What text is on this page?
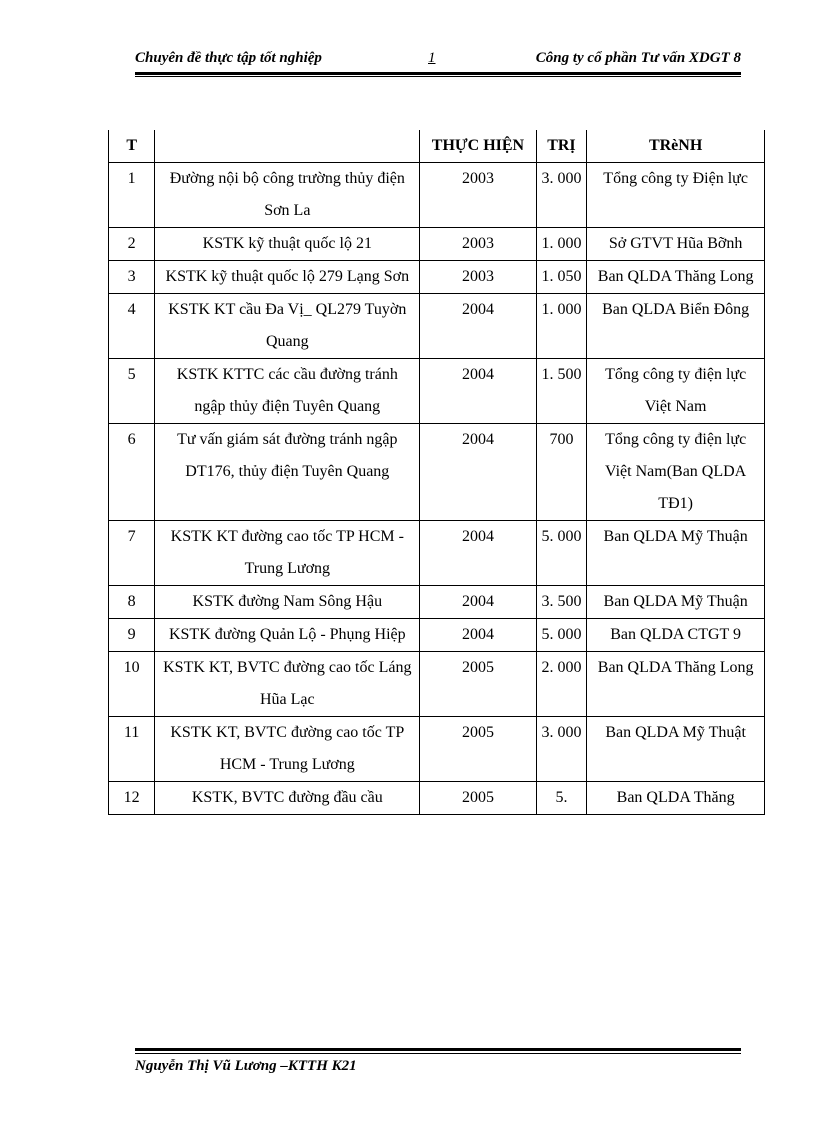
Chuyên đề thực tập tốt nghiệp	1	Công ty cổ phần Tư vấn XDGT 8
T		THỰC HIỆN	TRỊ	TRèNH
1	Đường nội bộ công trường thủy điện Sơn La	2003	3. 000	Tổng công ty Điện lực
2	KSTK kỹ thuật quốc lộ 21	2003	1. 000	Sở GTVT Hũa Bỡnh
3	KSTK kỹ thuật quốc lộ 279 Lạng Sơn	2003	1. 050	Ban QLDA Thăng Long
4	KSTK KT cầu Đa Vị_ QL279 Tuyờn Quang	2004	1. 000	Ban QLDA Biển Đông
5	KSTK KTTC các cầu đường tránh ngập thủy điện Tuyên Quang	2004	1. 500	Tổng công ty điện lực Việt Nam
6	Tư vấn giám sát đường tránh ngập DT176, thủy điện Tuyên Quang	2004	700	Tổng công ty điện lực Việt Nam(Ban QLDA TĐ1)
7	KSTK KT đường cao tốc TP HCM - Trung Lương	2004	5. 000	Ban QLDA Mỹ Thuận
8	KSTK đường Nam Sông Hậu	2004	3. 500	Ban QLDA Mỹ Thuận
9	KSTK đường Quản Lộ - Phụng Hiệp	2004	5. 000	Ban QLDA CTGT 9
10	KSTK KT, BVTC đường cao tốc Láng Hũa Lạc	2005	2. 000	Ban QLDA Thăng Long
11	KSTK KT, BVTC đường cao tốc TP HCM - Trung Lương	2005	3. 000	Ban QLDA Mỹ Thuật
12	KSTK, BVTC đường đầu cầu	2005	5.	Ban QLDA Thăng
Nguyễn Thị Vũ Lương –KTTH K21
